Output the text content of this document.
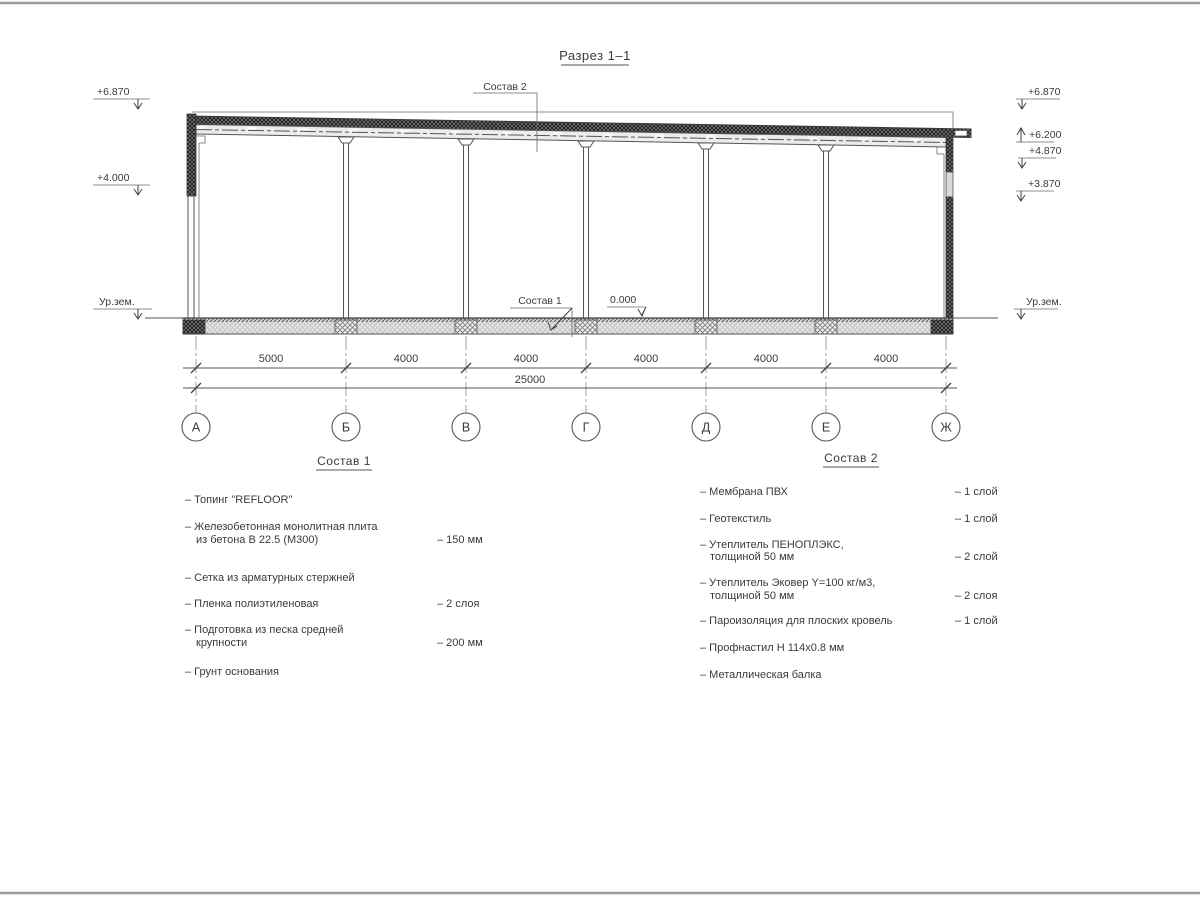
Разрез 1–1
5000	4000	4000	4000	4000	4000
25000
А	Б	В	Г	Д	Е	Ж
+6.870
+4.000
Ур.зем.
+6.870
+6.200
+4.870
+3.870
Ур.зем.
Состав 2
Состав 1	0.000
Состав 1
– Топинг "REFLOOR"
– Железобетонная монолитная плита
из бетона В 22.5 (М300)	– 150 мм
– Сетка из арматурных стержней
– Пленка полиэтиленовая	– 2 слоя
– Подготовка из песка средней
крупности	– 200 мм
– Грунт основания
Состав 2
– Мембрана ПВХ	– 1 слой
– Геотекстиль	– 1 слой
– Утеплитель ПЕНОПЛЭКС,
толщиной 50 мм	– 2 слой
– Утеплитель Эковер Y=100 кг/м3,
толщиной 50 мм	– 2 слоя
– Пароизоляция для плоских кровель	– 1 слой
– Профнастил Н 114х0.8 мм
– Металлическая балка
